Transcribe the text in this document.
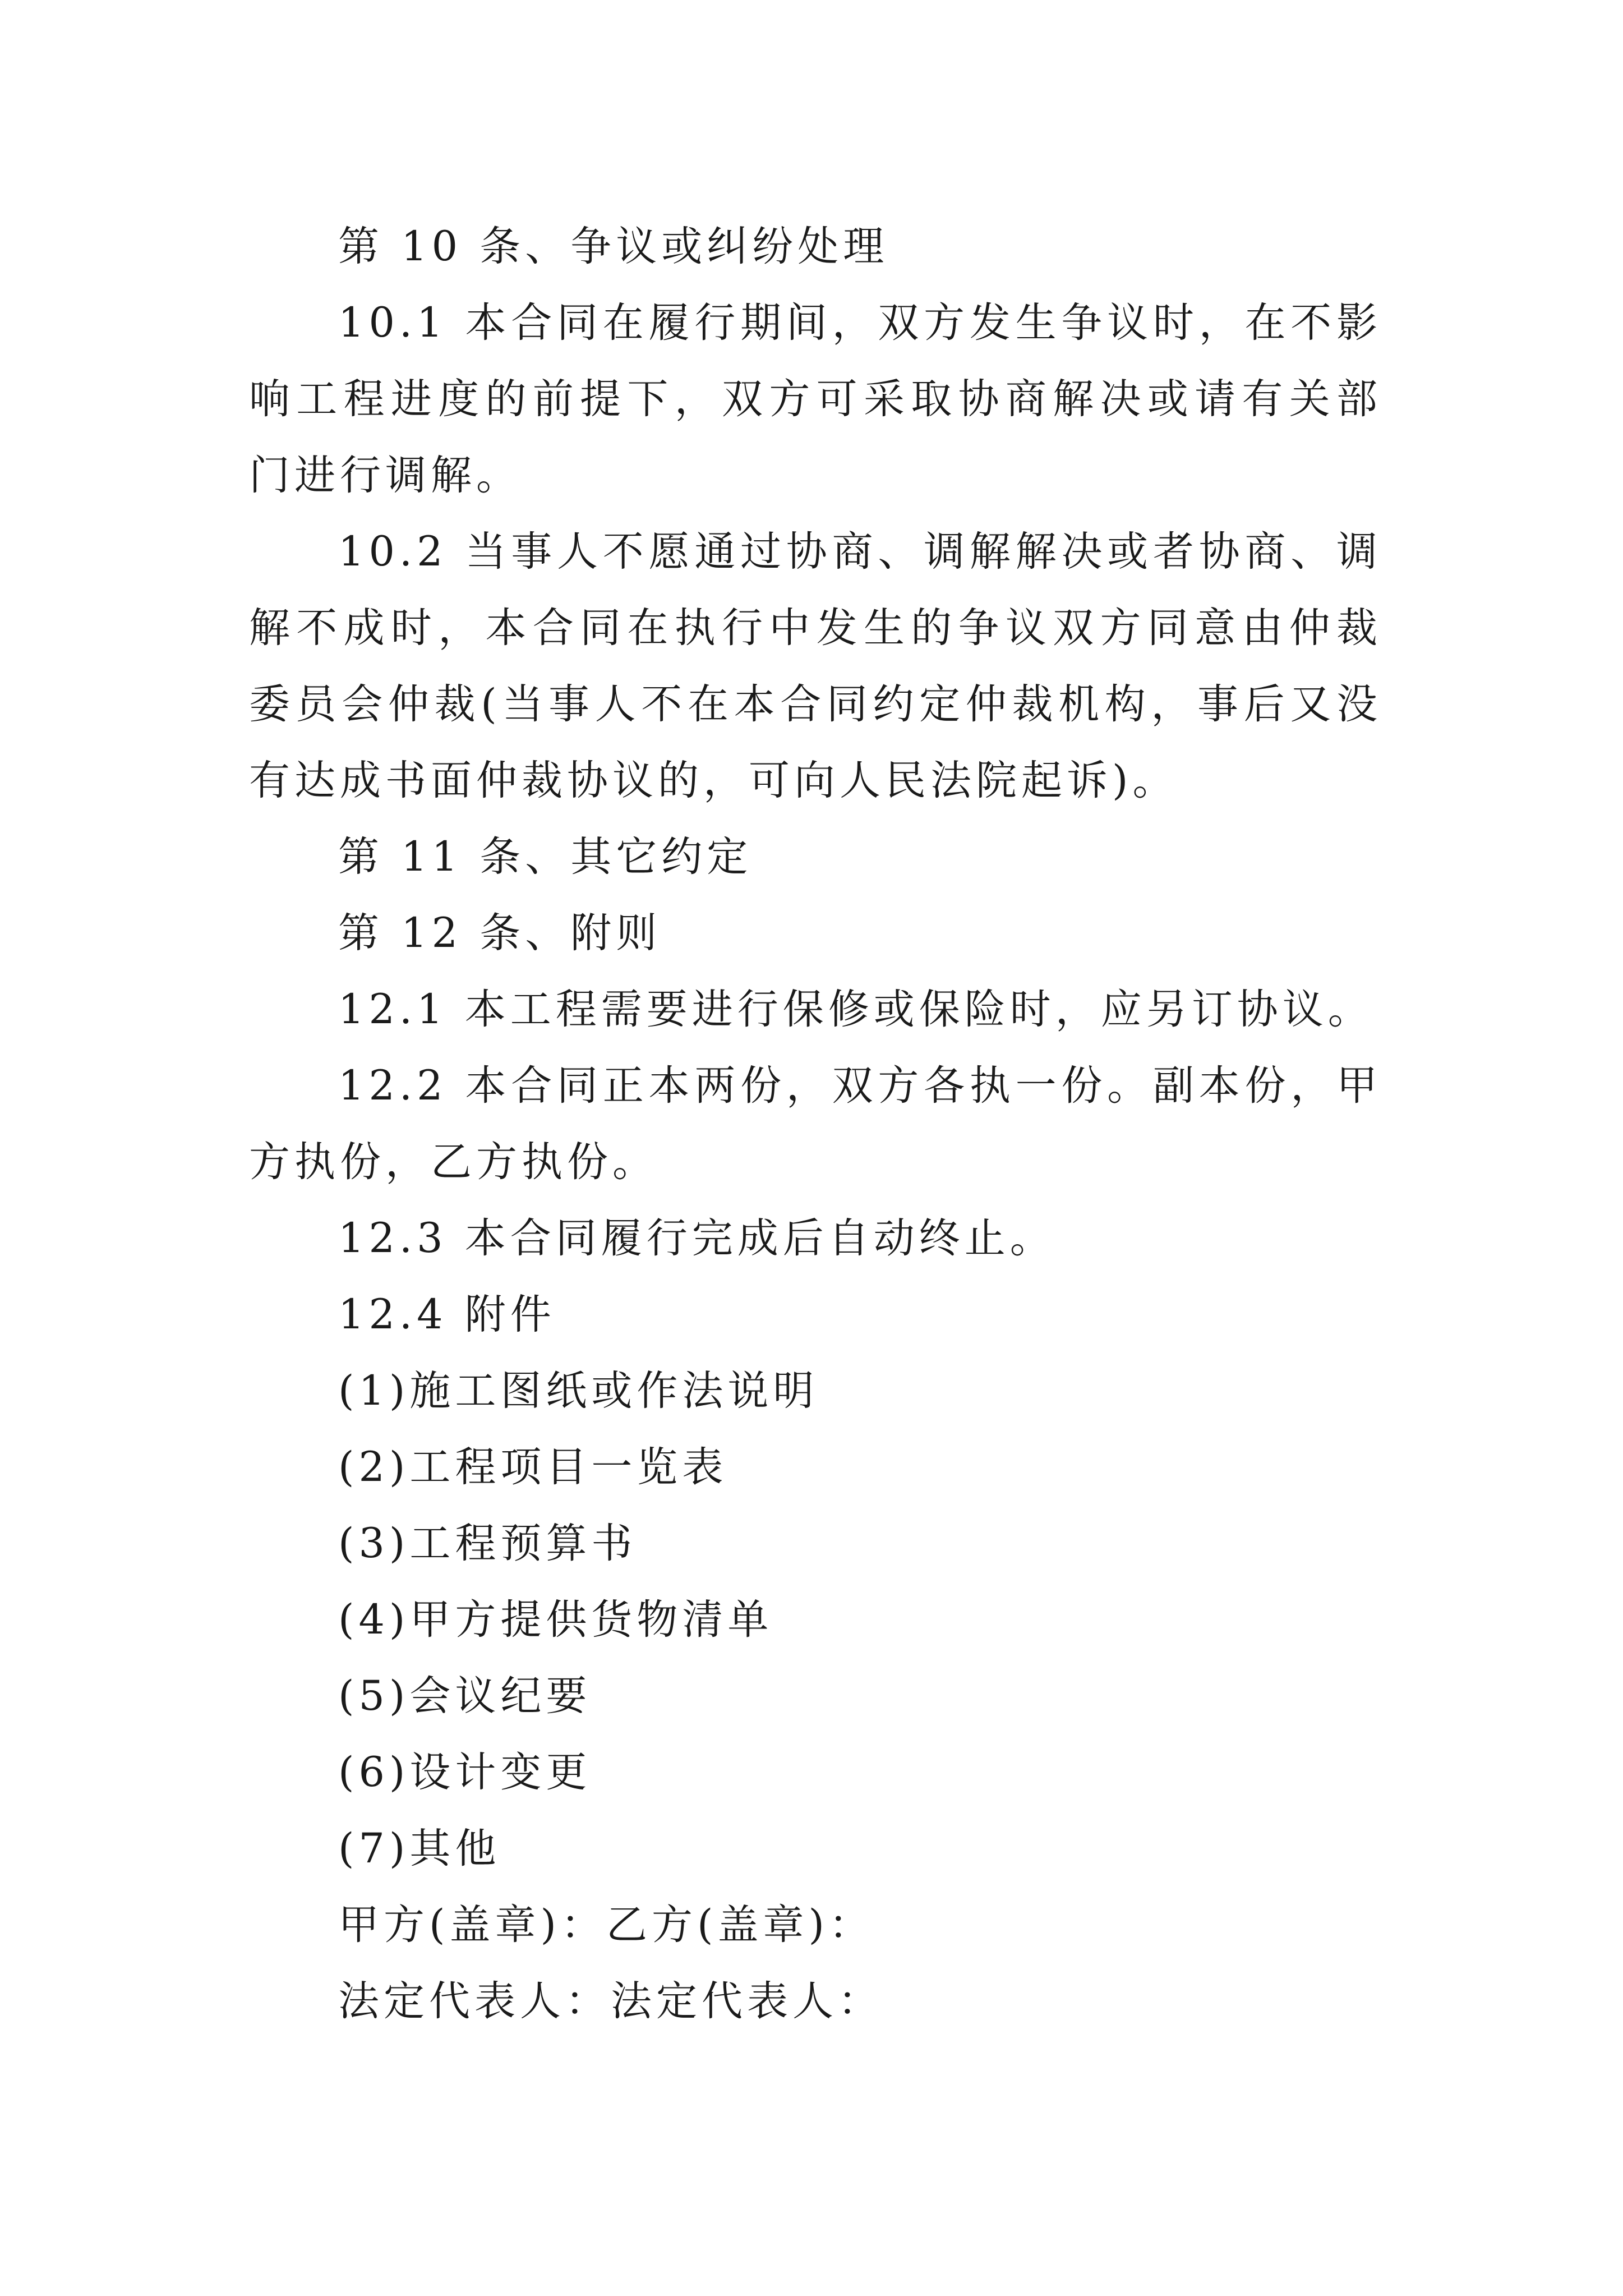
第 10 条、争议或纠纷处理

10.1 本合同在履行期间，双方发生争议时，在不影响工程进度的前提下，双方可采取协商解决或请有关部门进行调解。

10.2 当事人不愿通过协商、调解解决或者协商、调解不成时，本合同在执行中发生的争议双方同意由仲裁委员会仲裁(当事人不在本合同约定仲裁机构，事后又没有达成书面仲裁协议的，可向人民法院起诉)。

第 11 条、其它约定

第 12 条、附则

12.1 本工程需要进行保修或保险时，应另订协议。

12.2 本合同正本两份，双方各执一份。副本份，甲方执份，乙方执份。

12.3 本合同履行完成后自动终止。

12.4 附件

(1)施工图纸或作法说明

(2)工程项目一览表

(3)工程预算书

(4)甲方提供货物清单

(5)会议纪要

(6)设计变更

(7)其他

甲方(盖章)：乙方(盖章)：

法定代表人：法定代表人：
